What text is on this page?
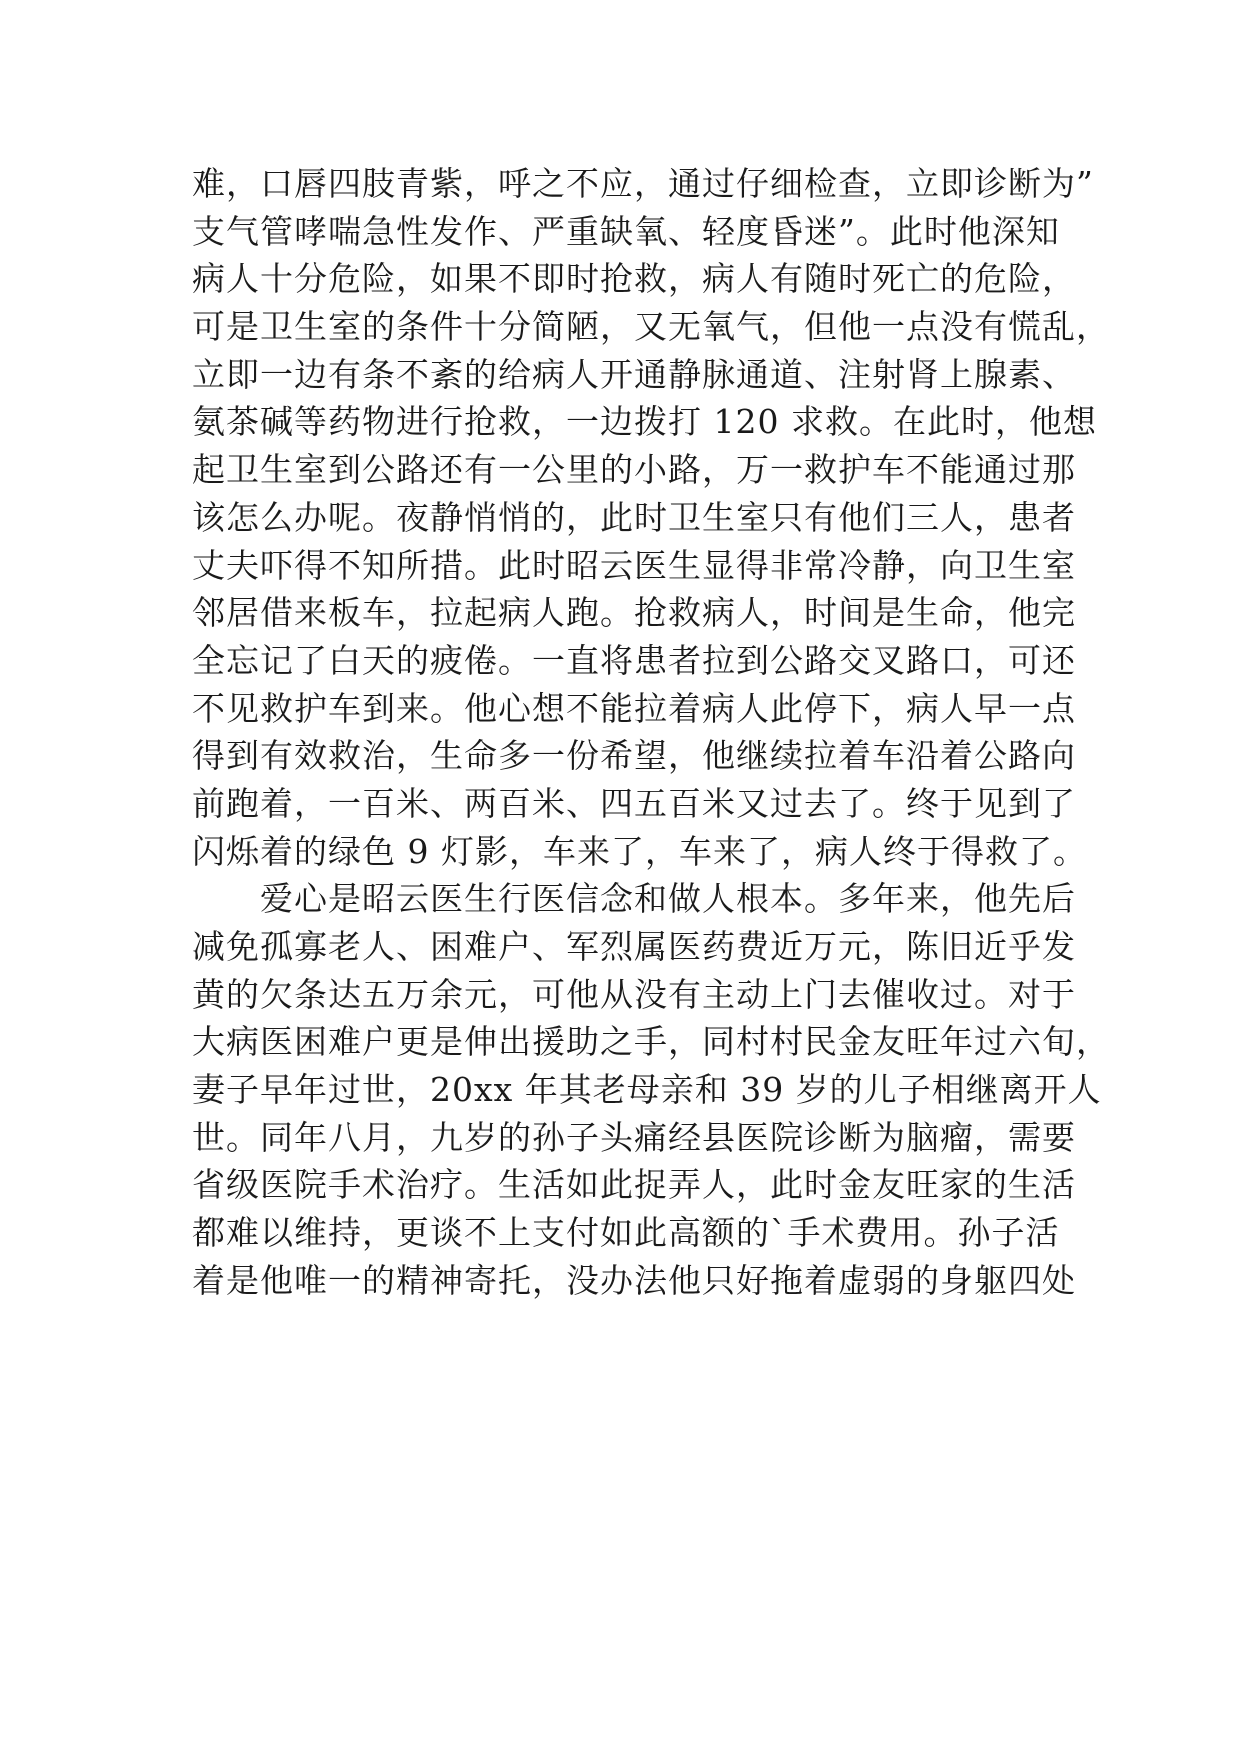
难，口唇四肢青紫，呼之不应，通过仔细检查，立即诊断为”
支气管哮喘急性发作、严重缺氧、轻度昏迷”。此时他深知
病人十分危险，如果不即时抢救，病人有随时死亡的危险，
可是卫生室的条件十分简陋，又无氧气，但他一点没有慌乱，
立即一边有条不紊的给病人开通静脉通道、注射肾上腺素、
氨茶碱等药物进行抢救，一边拨打 120 求救。在此时，他想
起卫生室到公路还有一公里的小路，万一救护车不能通过那
该怎么办呢。夜静悄悄的，此时卫生室只有他们三人，患者
丈夫吓得不知所措。此时昭云医生显得非常冷静，向卫生室
邻居借来板车，拉起病人跑。抢救病人，时间是生命，他完
全忘记了白天的疲倦。一直将患者拉到公路交叉路口，可还
不见救护车到来。他心想不能拉着病人此停下，病人早一点
得到有效救治，生命多一份希望，他继续拉着车沿着公路向
前跑着，一百米、两百米、四五百米又过去了。终于见到了
闪烁着的绿色 9 灯影，车来了，车来了，病人终于得救了。
　　爱心是昭云医生行医信念和做人根本。多年来，他先后
减免孤寡老人、困难户、军烈属医药费近万元，陈旧近乎发
黄的欠条达五万余元，可他从没有主动上门去催收过。对于
大病医困难户更是伸出援助之手，同村村民金友旺年过六旬，
妻子早年过世，20xx 年其老母亲和 39 岁的儿子相继离开人
世。同年八月，九岁的孙子头痛经县医院诊断为脑瘤，需要
省级医院手术治疗。生活如此捉弄人，此时金友旺家的生活
都难以维持，更谈不上支付如此高额的`手术费用。孙子活
着是他唯一的精神寄托，没办法他只好拖着虚弱的身躯四处
